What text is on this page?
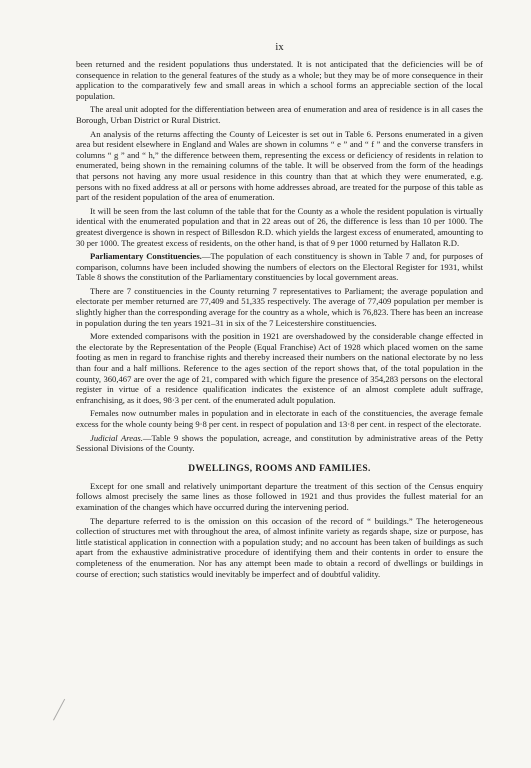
ix

been returned and the resident populations thus understated. It is not anticipated that the deficiencies will be of consequence in relation to the general features of the study as a whole; but they may be of more consequence in their application to the comparatively few and small areas in which a school forms an appreciable section of the local population.

The areal unit adopted for the differentiation between area of enumeration and area of residence is in all cases the Borough, Urban District or Rural District.

An analysis of the returns affecting the County of Leicester is set out in Table 6. Persons enumerated in a given area but resident elsewhere in England and Wales are shown in columns “ e ” and “ f ” and the converse transfers in columns “ g ” and “ h,” the difference between them, representing the excess or deficiency of residents in relation to enumerated, being shown in the remaining columns of the table. It will be observed from the form of the headings that persons not having any more usual residence in this country than that at which they were enumerated, e.g. persons with no fixed address at all or persons with home addresses abroad, are treated for the purpose of this table as part of the resident population of the area of enumeration.

It will be seen from the last column of the table that for the County as a whole the resident population is virtually identical with the enumerated population and that in 22 areas out of 26, the difference is less than 10 per 1000. The greatest divergence is shown in respect of Billesdon R.D. which yields the largest excess of enumerated, amounting to 30 per 1000. The greatest excess of residents, on the other hand, is that of 9 per 1000 returned by Hallaton R.D.

Parliamentary Constituencies.—The population of each constituency is shown in Table 7 and, for purposes of comparison, columns have been included showing the numbers of electors on the Electoral Register for 1931, whilst Table 8 shows the constitution of the Parliamentary constituencies by local government areas.

There are 7 constituencies in the County returning 7 representatives to Parliament; the average population and electorate per member returned are 77,409 and 51,335 respectively. The average of 77,409 population per member is slightly higher than the corresponding average for the country as a whole, which is 76,823. There has been an increase in population during the ten years 1921–31 in six of the 7 Leicestershire constituencies.

More extended comparisons with the position in 1921 are overshadowed by the considerable change effected in the electorate by the Representation of the People (Equal Franchise) Act of 1928 which placed women on the same footing as men in regard to franchise rights and thereby increased their numbers on the national electorate by no less than four and a half millions. Reference to the ages section of the report shows that, of the total population in the county, 360,467 are over the age of 21, compared with which figure the presence of 354,283 persons on the electoral register in virtue of a residence qualification indicates the existence of an almost complete adult suffrage, enfranchising, as it does, 98·3 per cent. of the enumerated adult population.

Females now outnumber males in population and in electorate in each of the constituencies, the average female excess for the whole county being 9·8 per cent. in respect of population and 13·8 per cent. in respect of the electorate.

Judicial Areas.—Table 9 shows the population, acreage, and constitution by administrative areas of the Petty Sessional Divisions of the County.

DWELLINGS, ROOMS AND FAMILIES.

Except for one small and relatively unimportant departure the treatment of this section of the Census enquiry follows almost precisely the same lines as those followed in 1921 and thus provides the fullest material for an examination of the changes which have occurred during the intervening period.

The departure referred to is the omission on this occasion of the record of “ buildings.” The heterogeneous collection of structures met with throughout the area, of almost infinite variety as regards shape, size or purpose, has little statistical application in connection with a population study; and no account has been taken of buildings as such apart from the exhaustive administrative procedure of identifying them and their contents in order to ensure the completeness of the enumeration. Nor has any attempt been made to obtain a record of dwellings or buildings in course of erection; such statistics would inevitably be imperfect and of doubtful validity.
